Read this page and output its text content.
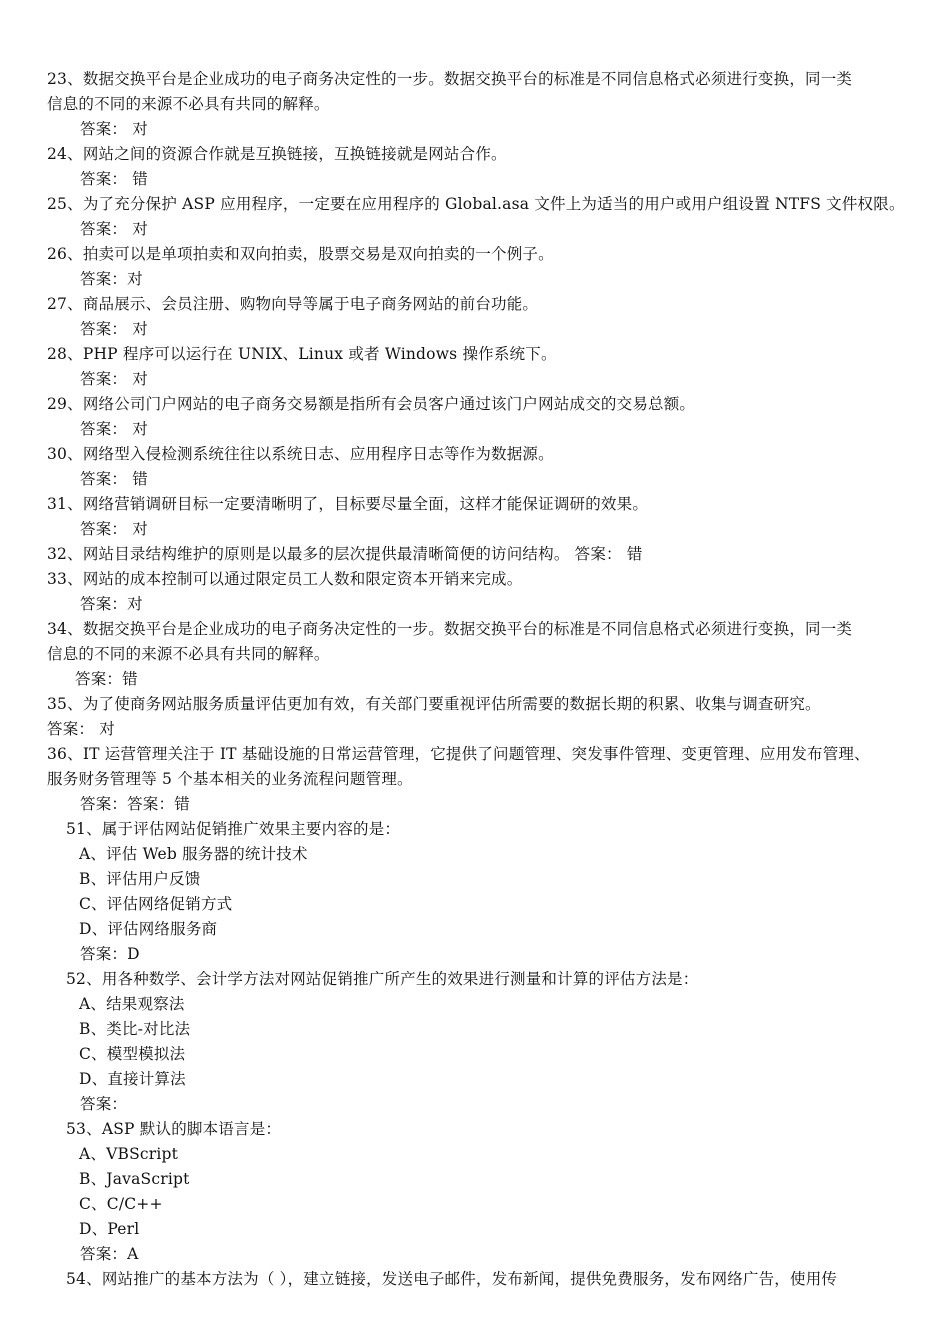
23、数据交换平台是企业成功的电子商务决定性的一步。数据交换平台的标准是不同信息格式必须进行变换，同一类
信息的不同的来源不必具有共同的解释。
答案： 对
24、网站之间的资源合作就是互换链接，互换链接就是网站合作。
答案： 错
25、为了充分保护 ASP 应用程序，一定要在应用程序的 Global.asa 文件上为适当的用户或用户组设置 NTFS 文件权限。
答案： 对
26、拍卖可以是单项拍卖和双向拍卖，股票交易是双向拍卖的一个例子。
答案：对
27、商品展示、会员注册、购物向导等属于电子商务网站的前台功能。
答案： 对
28、PHP 程序可以运行在 UNIX、Linux 或者 Windows 操作系统下。
答案： 对
29、网络公司门户网站的电子商务交易额是指所有会员客户通过该门户网站成交的交易总额。
答案： 对
30、网络型入侵检测系统往往以系统日志、应用程序日志等作为数据源。
答案： 错
31、网络营销调研目标一定要清晰明了，目标要尽量全面，这样才能保证调研的效果。
答案： 对
32、网站目录结构维护的原则是以最多的层次提供最清晰简便的访问结构。 答案： 错
33、网站的成本控制可以通过限定员工人数和限定资本开销来完成。
答案：对
34、数据交换平台是企业成功的电子商务决定性的一步。数据交换平台的标准是不同信息格式必须进行变换，同一类
信息的不同的来源不必具有共同的解释。
答案：错
35、为了使商务网站服务质量评估更加有效，有关部门要重视评估所需要的数据长期的积累、收集与调查研究。
答案： 对
36、IT 运营管理关注于 IT 基础设施的日常运营管理，它提供了问题管理、突发事件管理、变更管理、应用发布管理、
服务财务管理等 5 个基本相关的业务流程问题管理。
答案：答案：错
51、属于评估网站促销推广效果主要内容的是：
A、评估 Web 服务器的统计技术
B、评估用户反馈
C、评估网络促销方式
D、评估网络服务商
答案：D
52、用各种数学、会计学方法对网站促销推广所产生的效果进行测量和计算的评估方法是：
A、结果观察法
B、类比-对比法
C、模型模拟法
D、直接计算法
答案：
53、ASP 默认的脚本语言是：
A、VBScript
B、JavaScript
C、C/C++
D、Perl
答案：A
54、网站推广的基本方法为（ ），建立链接，发送电子邮件，发布新闻，提供免费服务，发布网络广告，使用传
